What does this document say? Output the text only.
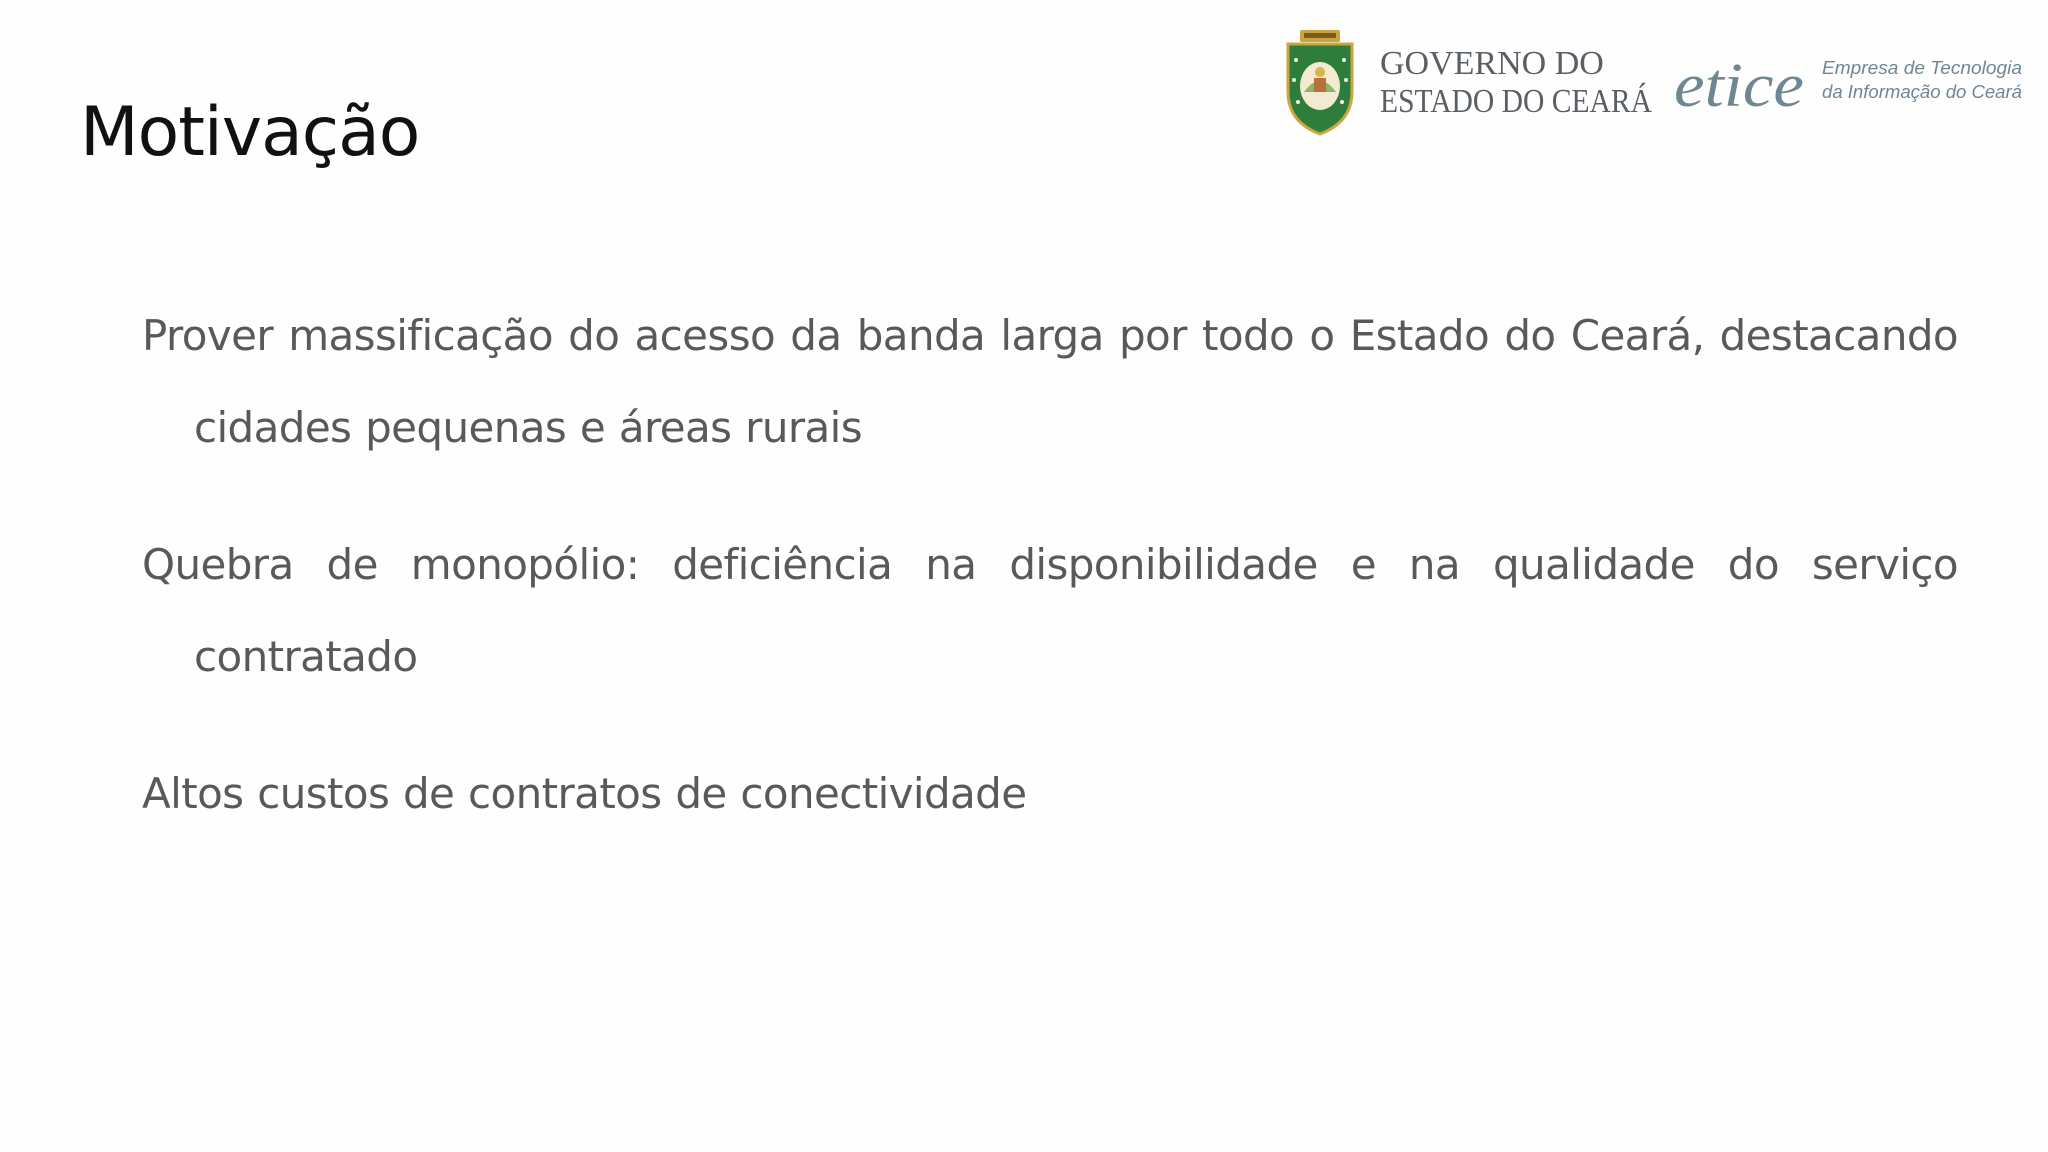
GOVERNO DO
ESTADO DO CEARÁ etice Empresa de Tecnologia
da Informação do Ceará
Motivação
Prover massificação do acesso da banda larga por todo o Estado do Ceará, destacando cidades pequenas e áreas rurais
Quebra de monopólio: deficiência na disponibilidade e na qualidade do serviço contratado
Altos custos de contratos de conectividade
